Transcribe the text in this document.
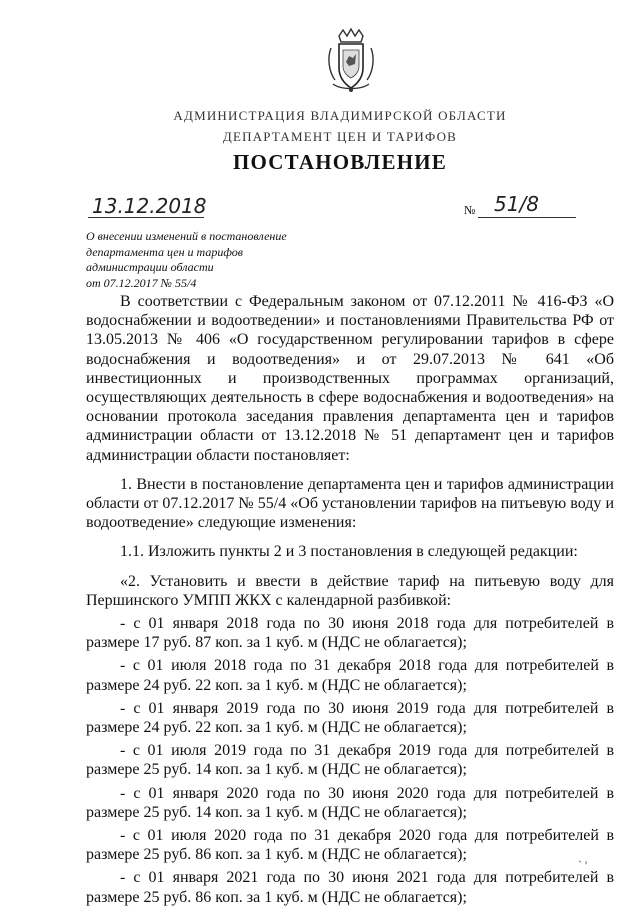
АДМИНИСТРАЦИЯ ВЛАДИМИРСКОЙ ОБЛАСТИ
ДЕПАРТАМЕНТ ЦЕН И ТАРИФОВ
ПОСТАНОВЛЕНИЕ
13.12.2018	№ 51/8
О внесении изменений в постановление
департамента цен и тарифов
администрации области
от 07.12.2017 № 55/4

В соответствии с Федеральным законом от 07.12.2011 № 416-ФЗ «О водоснабжении и водоотведении» и постановлениями Правительства РФ от 13.05.2013 № 406 «О государственном регулировании тарифов в сфере водоснабжения и водоотведения» и от 29.07.2013 № 641 «Об инвестиционных и производственных программах организаций, осуществляющих деятельность в сфере водоснабжения и водоотведения» на основании протокола заседания правления департамента цен и тарифов администрации области от 13.12.2018 № 51 департамент цен и тарифов администрации области постановляет:

1. Внести в постановление департамента цен и тарифов администрации области от 07.12.2017 № 55/4 «Об установлении тарифов на питьевую воду и водоотведение» следующие изменения:

1.1. Изложить пункты 2 и 3 постановления в следующей редакции:

«2. Установить и ввести в действие тариф на питьевую воду для Першинского УМПП ЖКХ с календарной разбивкой:

- с 01 января 2018 года по 30 июня 2018 года для потребителей в размере 17 руб. 87 коп. за 1 куб. м (НДС не облагается);

- с 01 июля 2018 года по 31 декабря 2018 года для потребителей в размере 24 руб. 22 коп. за 1 куб. м (НДС не облагается);

- с 01 января 2019 года по 30 июня 2019 года для потребителей в размере 24 руб. 22 коп. за 1 куб. м (НДС не облагается);

- с 01 июля 2019 года по 31 декабря 2019 года для потребителей в размере 25 руб. 14 коп. за 1 куб. м (НДС не облагается);

- с 01 января 2020 года по 30 июня 2020 года для потребителей в размере 25 руб. 14 коп. за 1 куб. м (НДС не облагается);

- с 01 июля 2020 года по 31 декабря 2020 года для потребителей в размере 25 руб. 86 коп. за 1 куб. м (НДС не облагается);

- с 01 января 2021 года по 30 июня 2021 года для потребителей в размере 25 руб. 86 коп. за 1 куб. м (НДС не облагается);

` '
